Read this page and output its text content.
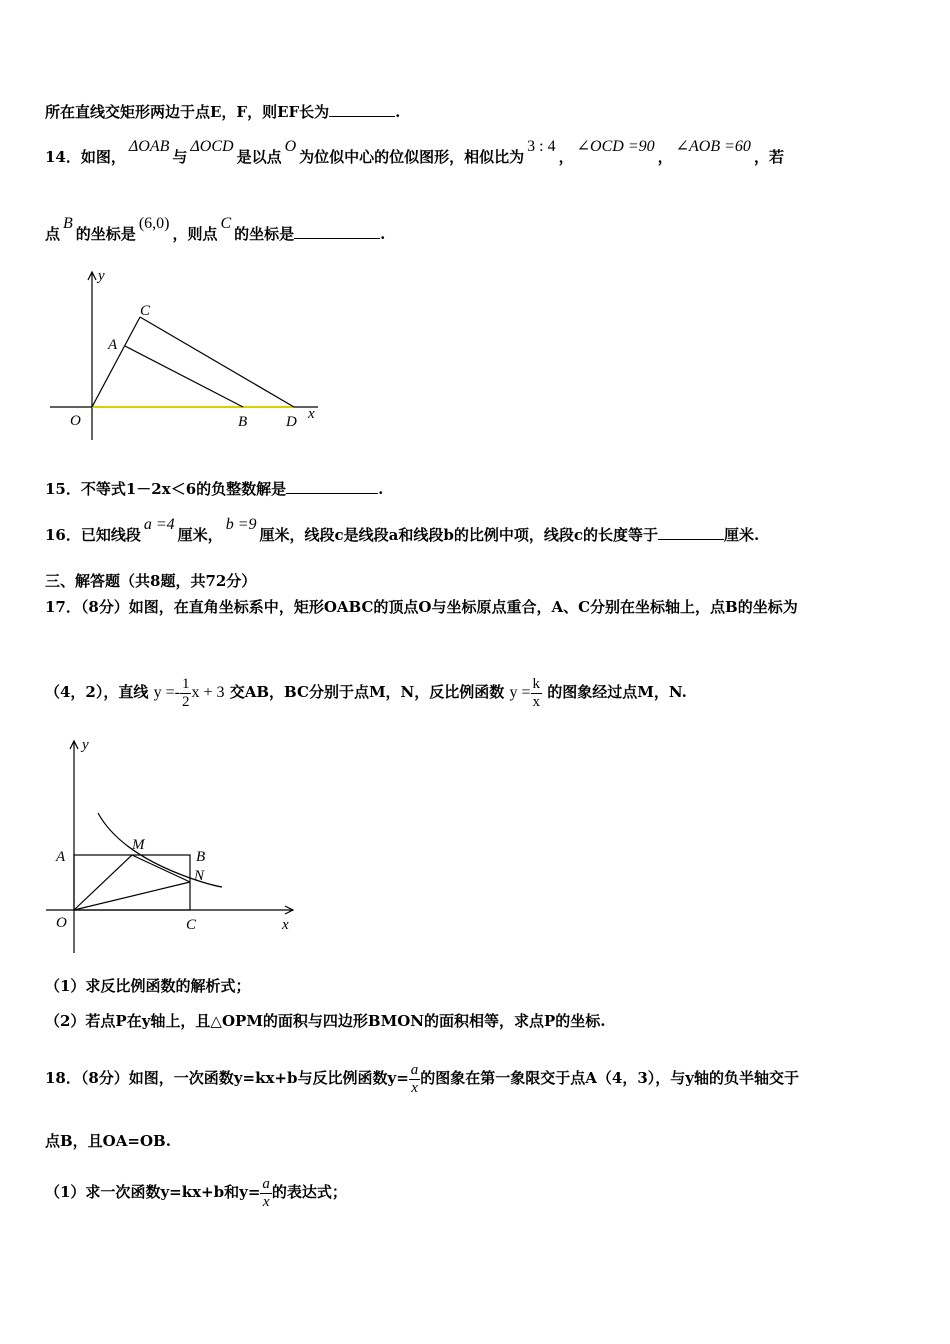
所在直线交矩形两边于点E，F，则EF长为	.
14．如图，ΔOAB与ΔOCD是以点O为位似中心的位似图形，相似比为3 : 4，∠OCD =90，∠AOB =60，若
点B的坐标是(6,0)，则点C的坐标是	.
y
x
O
A
C
B	D
15．不等式1－2x＜6的负整数解是	.
16．已知线段a =4厘米，b =9厘米，线段c是线段a和线段b的比例中项，线段c的长度等于	厘米.
三、解答题（共8题，共72分）
17．（8分）如图，在直角坐标系中，矩形OABC的顶点O与坐标原点重合，A、C分别在坐标轴上，点B的坐标为
（4，2），直线 $y =- \frac{1}{2}$ x + 3 交AB，BC分别于点M，N，反比例函数 $y = \frac{k}{x}$ 的图象经过点M，N.
y
x
O
A	B
C
M
N
（1）求反比例函数的解析式；
（2）若点P在y轴上，且△OPM的面积与四边形BMON的面积相等，求点P的坐标.
18．（8分）如图，一次函数y=kx+b与反比例函数$y= \frac{a}{x}$ 的图象在第一象限交于点A（4，3），与y轴的负半轴交于
点B，且OA=OB.
（1）求一次函数y=kx+b和$y= \frac{a}{x}$ 的表达式；
